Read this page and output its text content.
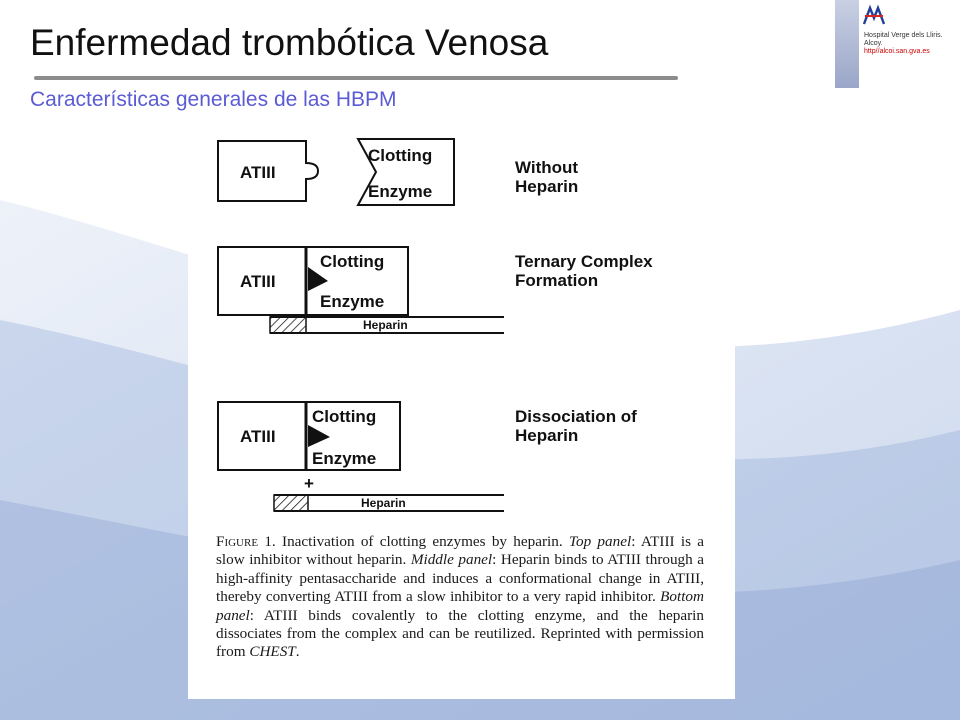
Enfermedad trombótica Venosa
Características generales de las HBPM
Hospital Verge dels Lliris.
Alcoy.
http//alcoi.san.gva.es
ATIII
Clotting
Enzyme
Without
Heparin
ATIII
Clotting
Enzyme
Heparin
Ternary Complex
Formation
ATIII
Clotting
Enzyme
+
Heparin
Dissociation of
Heparin
Figure 1. Inactivation of clotting enzymes by heparin. Top panel: ATIII is a slow inhibitor without heparin. Middle panel: Heparin binds to ATIII through a high-affinity pentasaccharide and induces a conformational change in ATIII, thereby converting ATIII from a slow inhibitor to a very rapid inhibitor. Bottom panel: ATIII binds covalently to the clotting enzyme, and the heparin dissociates from the complex and can be reutilized. Reprinted with permission from CHEST.
